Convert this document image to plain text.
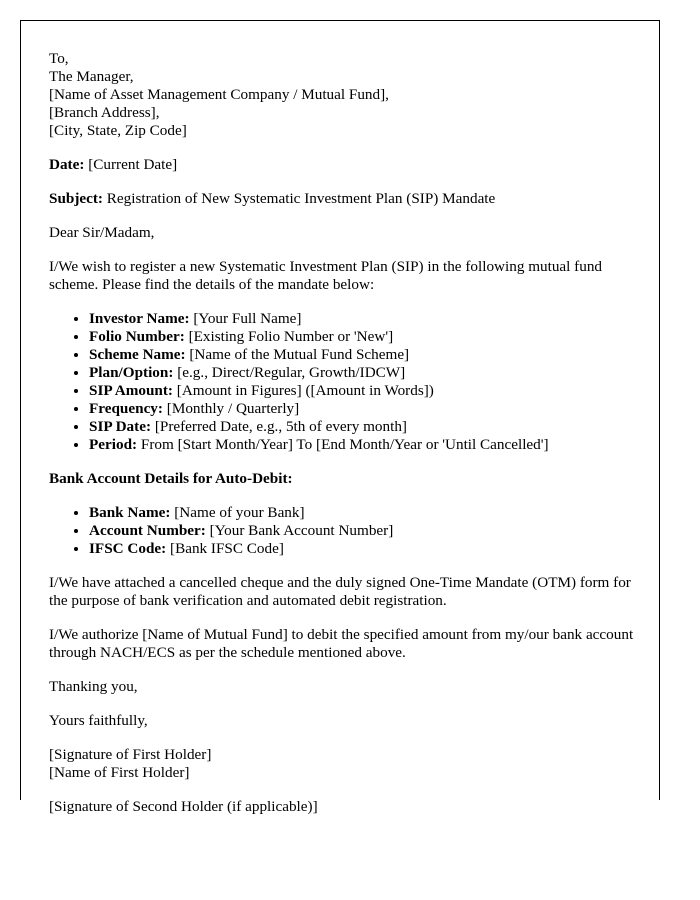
To,
The Manager,
[Name of Asset Management Company / Mutual Fund],
[Branch Address],
[City, State, Zip Code]

Date: [Current Date]

Subject: Registration of New Systematic Investment Plan (SIP) Mandate

Dear Sir/Madam,

I/We wish to register a new Systematic Investment Plan (SIP) in the following mutual fund scheme. Please find the details of the mandate below:

• Investor Name: [Your Full Name]
• Folio Number: [Existing Folio Number or 'New']
• Scheme Name: [Name of the Mutual Fund Scheme]
• Plan/Option: [e.g., Direct/Regular, Growth/IDCW]
• SIP Amount: [Amount in Figures] ([Amount in Words])
• Frequency: [Monthly / Quarterly]
• SIP Date: [Preferred Date, e.g., 5th of every month]
• Period: From [Start Month/Year] To [End Month/Year or 'Until Cancelled']

Bank Account Details for Auto-Debit:

• Bank Name: [Name of your Bank]
• Account Number: [Your Bank Account Number]
• IFSC Code: [Bank IFSC Code]

I/We have attached a cancelled cheque and the duly signed One-Time Mandate (OTM) form for the purpose of bank verification and automated debit registration.

I/We authorize [Name of Mutual Fund] to debit the specified amount from my/our bank account through NACH/ECS as per the schedule mentioned above.

Thanking you,

Yours faithfully,

[Signature of First Holder]
[Name of First Holder]

[Signature of Second Holder (if applicable)]
